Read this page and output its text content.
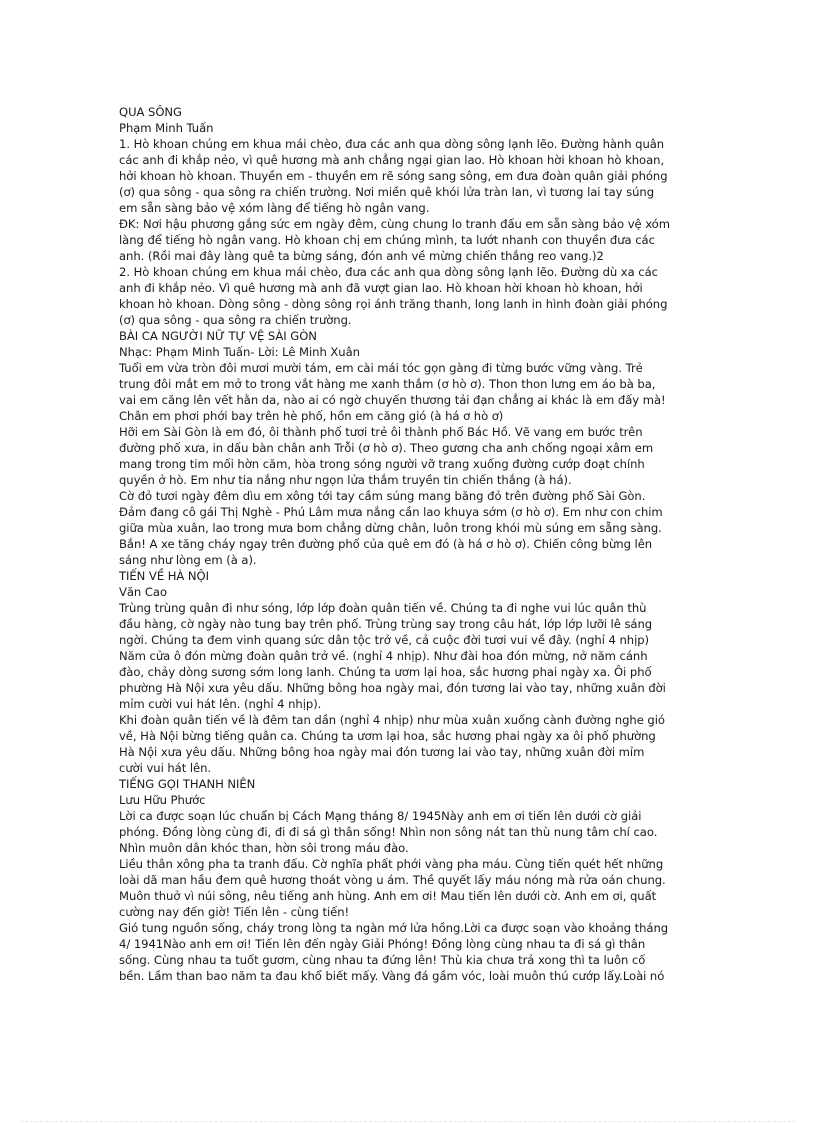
QUA SÔNG
Phạm Minh Tuấn
1. Hò khoan chúng em khua mái chèo, đưa các anh qua dòng sông lạnh lẽo. Đường hành quân
các anh đi khắp nẻo, vì quê hương mà anh chẳng ngại gian lao. Hò khoan hời khoan hò khoan,
hởi khoan hò khoan. Thuyền em - thuyền em rẽ sóng sang sông, em đưa đoàn quân giải phóng
(ơ) qua sông - qua sông ra chiến trường. Nơi miền quê khói lửa tràn lan, vì tương lai tay súng
em sẵn sàng bảo vệ xóm làng để tiếng hò ngân vang.
ĐK: Nơi hậu phương gắng sức em ngày đêm, cùng chung lo tranh đấu em sẵn sàng bảo vệ xóm
làng để tiếng hò ngân vang. Hò khoan chị em chúng mình, ta lướt nhanh con thuyền đưa các
anh. (Rồi mai đây làng quê ta bừng sáng, đón anh về mừng chiến thắng reo vang.)2
2. Hò khoan chúng em khua mái chèo, đưa các anh qua dòng sông lạnh lẽo. Đường dù xa các
anh đi khắp nẻo. Vì quê hương mà anh đã vượt gian lao. Hò khoan hời khoan hò khoan, hởi
khoan hò khoan. Dòng sông - dòng sông rọi ánh trăng thanh, long lanh in hình đoàn giải phóng
(ơ) qua sông - qua sông ra chiến trường.
BÀI CA NGƯỜI NỮ TỰ VỆ SÀI GÒN
Nhạc: Phạm Minh Tuấn- Lời: Lê Minh Xuân
Tuổi em vừa tròn đôi mươi mười tám, em cài mái tóc gọn gàng đi từng bước vững vàng. Trẻ
trung đôi mắt em mở to trong vắt hàng me xanh thắm (ơ hò ơ). Thon thon lưng em áo bà ba,
vai em căng lên vết hằn da, nào ai có ngờ chuyến thương tải đạn chẳng ai khác là em đấy mà!
Chân em phơi phới bay trên hè phố, hồn em căng gió (à há ơ hò ơ)
Hỡi em Sài Gòn là em đó, ôi thành phố tươi trẻ ôi thành phố Bác Hồ. Vẽ vang em bước trên
đường phố xưa, in dấu bàn chân anh Trỗi (ơ hò ơ). Theo gương cha anh chống ngoại xâm em
mang trong tim mối hờn căm, hòa trong sóng người vỡ trang xuống đường cướp đoạt chính
quyền ở hò. Em như tia nắng như ngọn lửa thắm truyền tin chiến thắng (à há).
Cờ đỏ tươi ngày đêm dìu em xông tới tay cầm súng mang băng đỏ trên đường phố Sài Gòn.
Đảm đang cô gái Thị Nghè - Phú Lâm mưa nắng cần lao khuya sớm (ơ hò ơ). Em như con chim
giữa mùa xuân, lao trong mưa bom chẳng dừng chân, luôn trong khói mù súng em sẵng sàng.
Bắn! A xe tăng cháy ngay trên đường phố của quê em đó (à há ơ hò ơ). Chiến công bừng lên
sáng như lòng em (à a).
TIẾN VỀ HÀ NỘI
Văn Cao
Trùng trùng quân đi như sóng, lớp lớp đoàn quân tiến về. Chúng ta đi nghe vui lúc quân thù
đầu hàng, cờ ngày nào tung bay trên phố. Trùng trùng say trong câu hát, lớp lớp lưỡi lê sáng
ngời. Chúng ta đem vinh quang sức dân tộc trở về, cả cuộc đời tươi vui về đây. (nghỉ 4 nhịp)
Năm cửa ô đón mừng đoàn quân trở về. (nghỉ 4 nhịp). Như đài hoa đón mừng, nở năm cánh
đào, chảy dòng sương sớm long lanh. Chúng ta ươm lại hoa, sắc hương phai ngày xa. Ôi phố
phường Hà Nội xưa yêu dấu. Những bông hoa ngày mai, đón tương lai vào tay, những xuân đời
mỉm cười vui hát lên. (nghỉ 4 nhịp).
Khi đoàn quân tiến về là đêm tan dần (nghỉ 4 nhịp) như mùa xuân xuống cành đường nghe gió
về, Hà Nội bừng tiếng quân ca. Chúng ta ươm lại hoa, sắc hương phai ngày xa ôi phố phường
Hà Nội xưa yêu dấu. Những bông hoa ngày mai đón tương lai vào tay, những xuân đời mỉm
cười vui hát lên.
TIẾNG GỌI THANH NIÊN
Lưu Hữu Phước
Lời ca được soạn lúc chuẩn bị Cách Mạng tháng 8/ 1945Này anh em ơi tiến lên dưới cờ giải
phóng. Đồng lòng cùng đi, đi đi sá gì thân sống! Nhìn non sông nát tan thù nung tâm chí cao.
Nhìn muôn dân khóc than, hờn sôi trong máu đào.
Liều thân xông pha ta tranh đấu. Cờ nghĩa phất phới vàng pha máu. Cùng tiến quét hết những
loài dã man hầu đem quê hương thoát vòng u ám. Thề quyết lấy máu nóng mà rửa oán chung.
Muôn thuở vì núi sông, nêu tiếng anh hùng. Anh em ơi! Mau tiến lên dưới cờ. Anh em ơi, quất
cường nay đến giờ! Tiến lên - cùng tiến!
Gió tung nguồn sống, cháy trong lòng ta ngàn mớ lửa hồng.Lời ca được soạn vào khoảng tháng
4/ 1941Nào anh em ơi! Tiến lên đến ngày Giải Phóng! Đồng lòng cùng nhau ta đi sá gì thân
sống. Cùng nhau ta tuốt gươm, cùng nhau ta đứng lên! Thù kia chưa trả xong thì ta luôn cố
bền. Lầm than bao năm ta đau khổ biết mấy. Vàng đá gầm vóc, loài muôn thú cướp lấy.Loài nó
